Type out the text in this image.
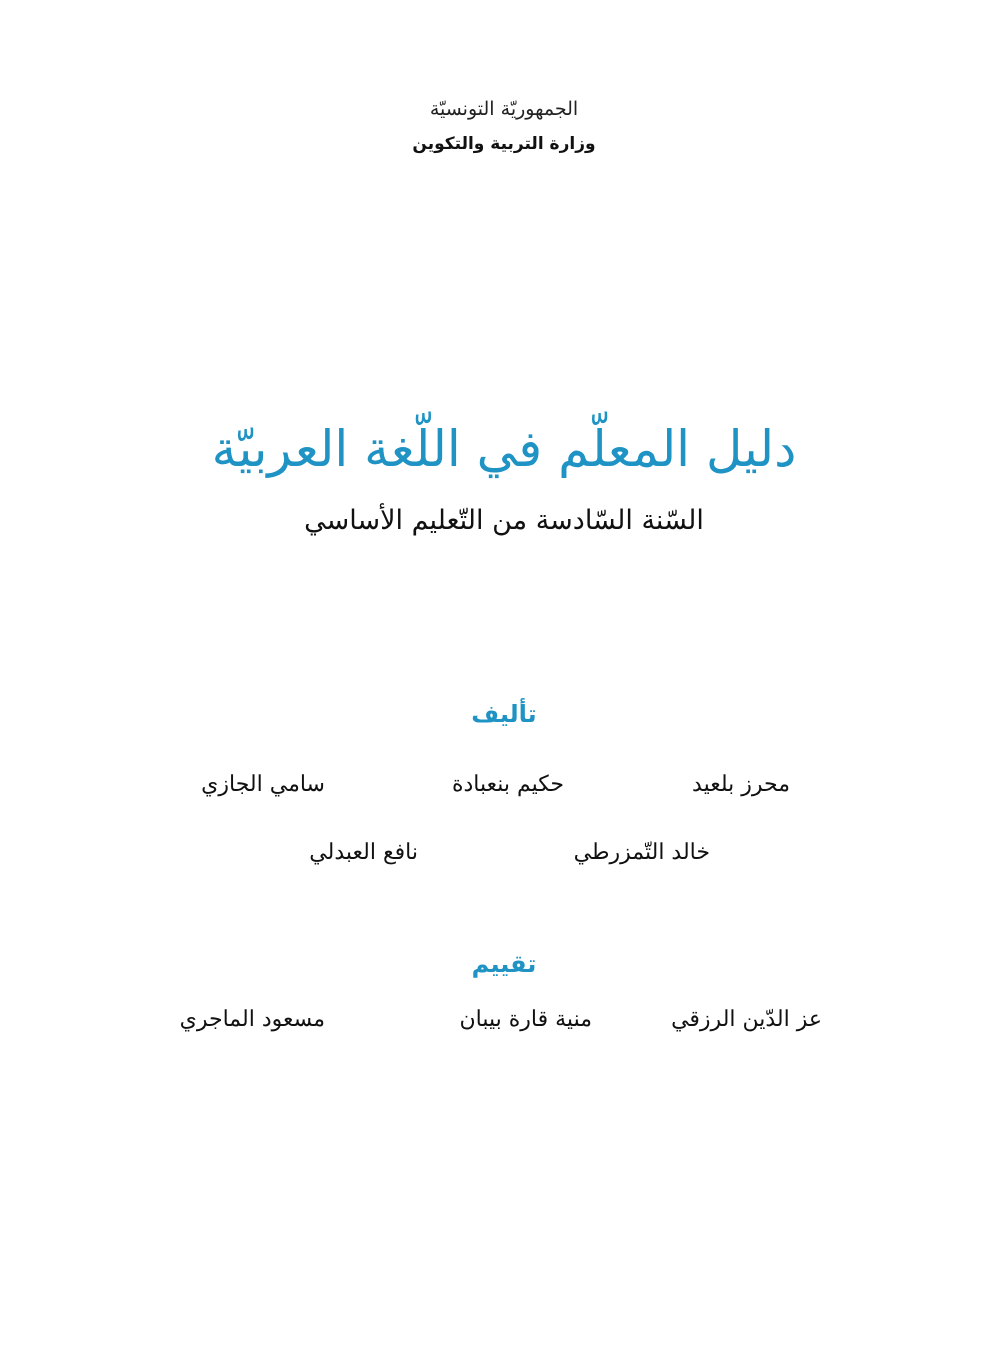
الجمهوريّة التونسيّة
وزارة التربية والتكوين
دليل المعلّم في اللّغة العربيّة
السّنة السّادسة من التّعليم الأساسي
تأليف
محرز بلعيد
حكيم بنعبادة
سامي الجازي
خالد التّمزرطي
نافع العبدلي
تقييم
عز الدّين الرزقي
منية قارة بيبان
مسعود الماجري
